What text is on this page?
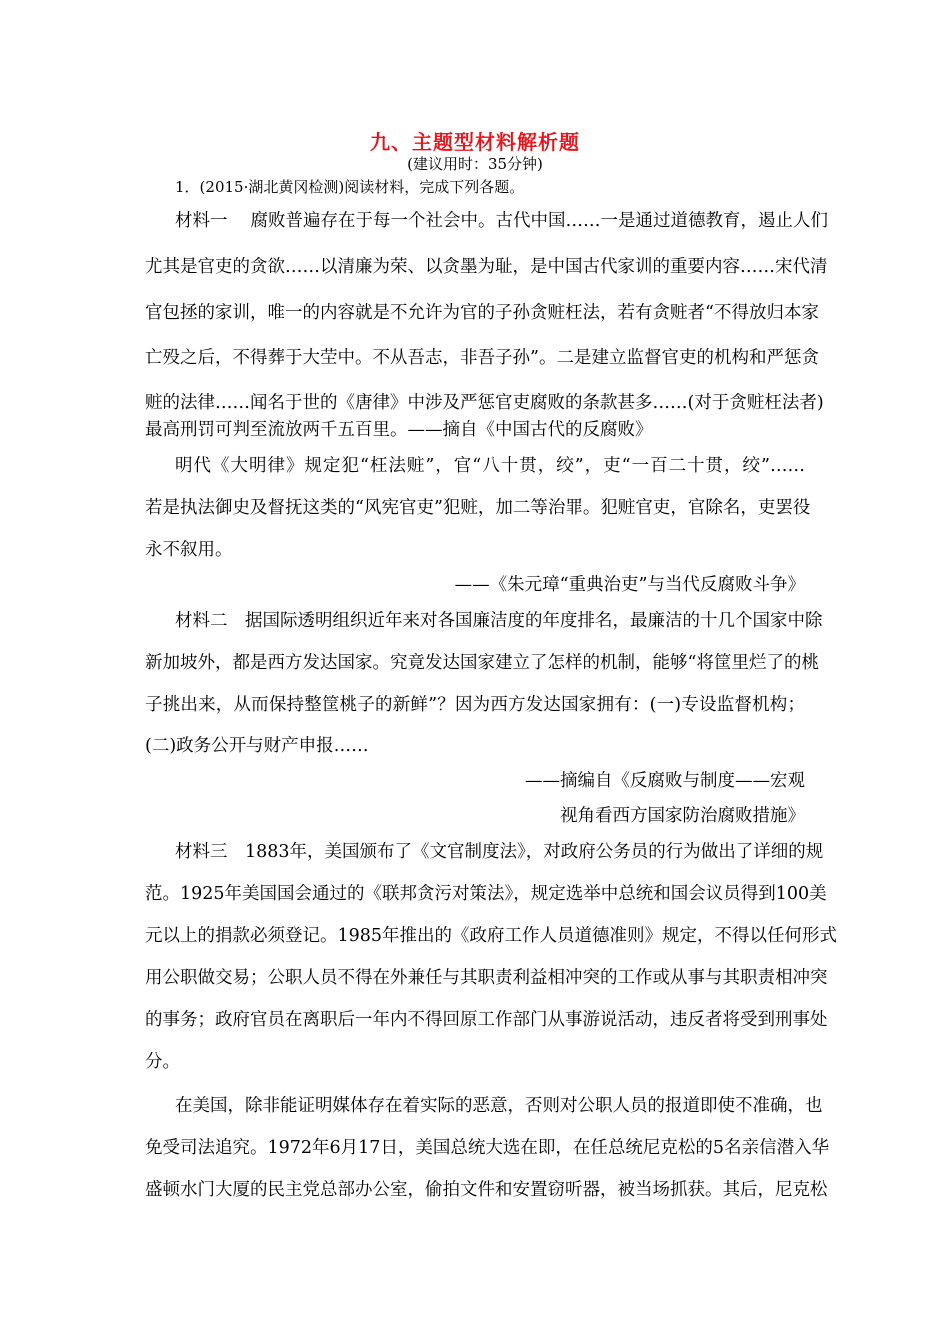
九、主题型材料解析题
(建议用时：35分钟)
1．(2015·湖北黄冈检测)阅读材料，完成下列各题。
材料一　 腐败普遍存在于每一个社会中。古代中国……一是通过道德教育，遏止人们
尤其是官吏的贪欲……以清廉为荣、以贪墨为耻，是中国古代家训的重要内容……宋代清
官包拯的家训，唯一的内容就是不允许为官的子孙贪赃枉法，若有贪赃者“不得放归本家
亡殁之后，不得葬于大茔中。不从吾志，非吾子孙”。二是建立监督官吏的机构和严惩贪
赃的法律……闻名于世的《唐律》中涉及严惩官吏腐败的条款甚多……(对于贪赃枉法者)
最高刑罚可判至流放两千五百里。——摘自《中国古代的反腐败》
明代《大明律》规定犯“枉法赃”，官“八十贯，绞”，吏“一百二十贯，绞”……
若是执法御史及督抚这类的“风宪官吏”犯赃，加二等治罪。犯赃官吏，官除名，吏罢役
永不叙用。
——《朱元璋“重典治吏”与当代反腐败斗争》
材料二　据国际透明组织近年来对各国廉洁度的年度排名，最廉洁的十几个国家中除
新加坡外，都是西方发达国家。究竟发达国家建立了怎样的机制，能够“将筐里烂了的桃
子挑出来，从而保持整筐桃子的新鲜”？因为西方发达国家拥有：(一)专设监督机构；
(二)政务公开与财产申报……
——摘编自《反腐败与制度——宏观
视角看西方国家防治腐败措施》
材料三　1883年，美国颁布了《文官制度法》，对政府公务员的行为做出了详细的规
范。1925年美国国会通过的《联邦贪污对策法》，规定选举中总统和国会议员得到100美
元以上的捐款必须登记。1985年推出的《政府工作人员道德准则》规定，不得以任何形式
用公职做交易；公职人员不得在外兼任与其职责利益相冲突的工作或从事与其职责相冲突
的事务；政府官员在离职后一年内不得回原工作部门从事游说活动，违反者将受到刑事处
分。
在美国，除非能证明媒体存在着实际的恶意，否则对公职人员的报道即使不准确，也
免受司法追究。1972年6月17日，美国总统大选在即，在任总统尼克松的5名亲信潜入华
盛顿水门大厦的民主党总部办公室，偷拍文件和安置窃听器，被当场抓获。其后，尼克松
